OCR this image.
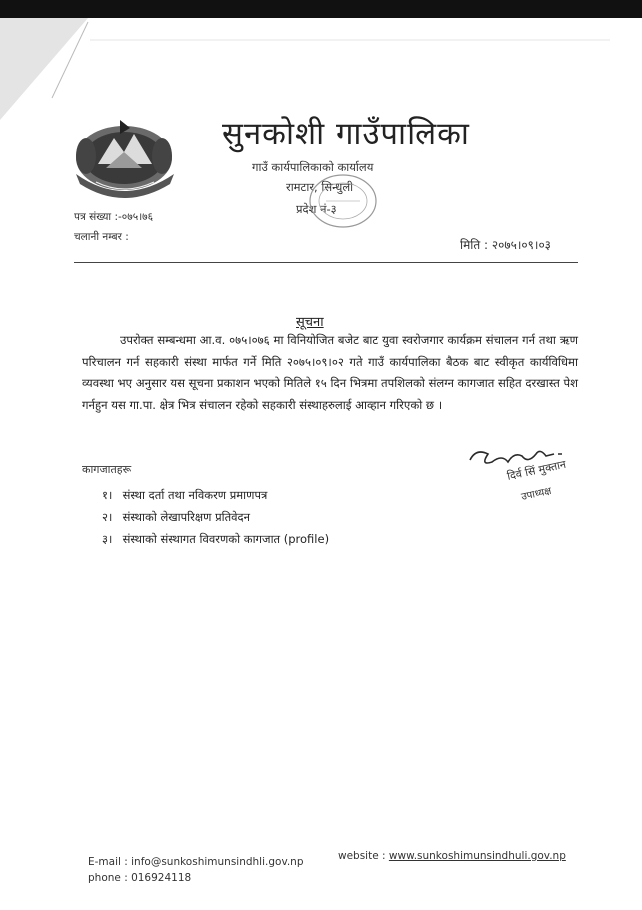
सुनकोशी गाउँपालिका
गाउँ कार्यपालिकाको कार्यालय
रामटार, सिन्धुली
प्रदेश नं-३
पत्र संख्या :-०७५।७६
चलानी नम्बर :
मिति : २०७५।०९।०३
सूचना
उपरोक्त सम्बन्धमा आ.व. ०७५।०७६ मा विनियोजित बजेट बाट युवा स्वरोजगार कार्यक्रम संचालन गर्न तथा ऋण परिचालन गर्न सहकारी संस्था मार्फत गर्ने मिति २०७५।०९।०२ गते गाउँ कार्यपालिका बैठक बाट स्वीकृत कार्यविधिमा व्यवस्था भए अनुसार यस सूचना प्रकाशन भएको मितिले १५ दिन भित्रमा तपशिलको संलग्न कागजात सहित दरखास्त पेश गर्नहुन यस गा.पा. क्षेत्र भित्र संचालन रहेको सहकारी संस्थाहरुलाई आव्हान गरिएको छ ।
दिर्व सिं मुक्तान
उपाध्यक्ष
कागजातहरू
१। संस्था दर्ता तथा नविकरण प्रमाणपत्र
२। संस्थाको लेखापरिक्षण प्रतिवेदन
३। संस्थाको संस्थागत विवरणको कागजात (profile)
E-mail : info@sunkoshimunsindhli.gov.np
phone : 016924118
website : www.sunkoshimunsindhuli.gov.np
